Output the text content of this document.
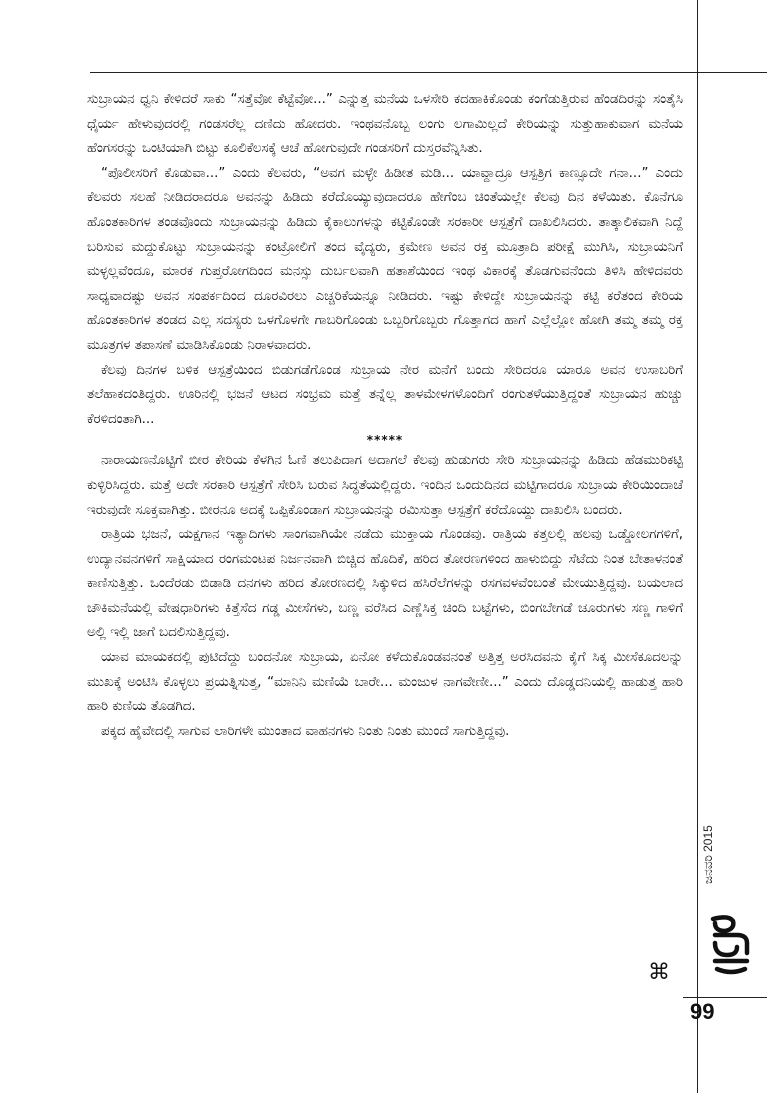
ಸುಬ್ರಾಯನ ಧ್ವನಿ ಕೇಳಿದರೆ ಸಾಕು “ಸತ್ತೆವೋ ಕೆಟ್ಟೆವೋ...” ಎನ್ನುತ್ತ ಮನೆಯ ಒಳಸೇರಿ ಕದಹಾಕಿಕೊಂಡು ಕಂಗೆಡುತ್ತಿರುವ ಹೆಂಡದಿರನ್ನು ಸಂತೈಸಿ ಧೈರ್ಯ ಹೇಳುವುದರಲ್ಲಿ ಗಂಡಸರೆಲ್ಲ ದಣಿದು ಹೋದರು. ಇಂಥವನೊಬ್ಬ ಲಂಗು ಲಗಾಮಿಲ್ಲದೆ ಕೇರಿಯನ್ನು ಸುತ್ತುಹಾಕುವಾಗ ಮನೆಯ ಹೆಂಗಸರನ್ನು ಒಂಟಿಯಾಗಿ ಬಿಟ್ಟು ಕೂಲಿಕೆಲಸಕ್ಕೆ ಆಚೆ ಹೋಗುವುದೇ ಗಂಡಸರಿಗೆ ದುಸ್ತರವೆನ್ನಿಸಿತು.

“ಪೊಲೀಸರಿಗೆ ಕೊಡುವಾ...” ಎಂದು ಕೆಲವರು, “ಅವಗ ಮಳ್ಳೇ ಹಿಡೀತ ಮಡಿ... ಯಾವ್ದಾದ್ರೂ ಆಸ್ಪತ್ರಿಗ ಕಾಣ್ಸೂದೇ ಗನಾ...” ಎಂದು ಕೆಲವರು ಸಲಹೆ ನೀಡಿದರಾದರೂ ಅವನನ್ನು ಹಿಡಿದು ಕರೆದೊಯ್ಯುವುದಾದರೂ ಹೇಗೆಂಬ ಚಿಂತೆಯಲ್ಲೇ ಕೆಲವು ದಿನ ಕಳೆಯಿತು. ಕೊನೆಗೂ ಹೊಂತಕಾರಿಗಳ ತಂಡವೊಂದು ಸುಬ್ರಾಯನನ್ನು ಹಿಡಿದು ಕೈಕಾಲುಗಳನ್ನು ಕಟ್ಟಿಕೊಂಡೇ ಸರಕಾರೀ ಆಸ್ಪತ್ರೆಗೆ ದಾಖಲಿಸಿದರು. ತಾತ್ಕಾಲಿಕವಾಗಿ ನಿದ್ದೆ ಬರಿಸುವ ಮದ್ದುಕೊಟ್ಟು ಸುಬ್ರಾಯನನ್ನು ಕಂಟ್ರೋಲಿಗೆ ತಂದ ವೈದ್ಯರು, ಕ್ರಮೇಣ ಅವನ ರಕ್ತ ಮೂತ್ರಾದಿ ಪರೀಕ್ಷೆ ಮುಗಿಸಿ, ಸುಬ್ರಾಯನಿಗೆ ಮಳ್ಳಲ್ಲವೆಂದೂ, ಮಾರಕ ಗುಪ್ತರೋಗದಿಂದ ಮನಸ್ಸು ದುರ್ಬಲವಾಗಿ ಹತಾಶೆಯಿಂದ ಇಂಥ ವಿಕಾರಕ್ಕೆ ತೊಡಗುವನೆಂದು ತಿಳಿಸಿ ಹೇಳಿದವರು ಸಾಧ್ಯವಾದಷ್ಟು ಅವನ ಸಂಪರ್ಕದಿಂದ ದೂರವಿರಲು ಎಚ್ಚರಿಕೆಯನ್ನೂ ನೀಡಿದರು. ಇಷ್ಟು ಕೇಳಿದ್ದೇ ಸುಬ್ರಾಯನನ್ನು ಕಟ್ಟಿ ಕರೆತಂದ ಕೇರಿಯ ಹೊಂತಕಾರಿಗಳ ತಂಡದ ಎಲ್ಲ ಸದಸ್ಯರು ಒಳಗೊಳಗೇ ಗಾಬರಿಗೊಂಡು ಒಬ್ಬರಿಗೊಬ್ಬರು ಗೊತ್ತಾಗದ ಹಾಗೆ ಎಲ್ಲೆಲ್ಲೋ ಹೋಗಿ ತಮ್ಮ ತಮ್ಮ ರಕ್ತ ಮೂತ್ರಗಳ ತಪಾಸಣೆ ಮಾಡಿಸಿಕೊಂಡು ನಿರಾಳವಾದರು.

ಕೆಲವು ದಿನಗಳ ಬಳಿಕ ಆಸ್ಪತ್ರೆಯಿಂದ ಬಿಡುಗಡೆಗೊಂಡ ಸುಬ್ರಾಯ ನೇರ ಮನೆಗೆ ಬಂದು ಸೇರಿದರೂ ಯಾರೂ ಅವನ ಉಸಾಬರಿಗೆ ತಲೆಹಾಕದಂತಿದ್ದರು. ಊರಿನಲ್ಲಿ ಭಜನೆ ಆಟದ ಸಂಭ್ರಮ ಮತ್ತೆ ತನ್ನೆಲ್ಲ ತಾಳಮೇಳಗಳೊಂದಿಗೆ ರಂಗುತಳೆಯುತ್ತಿದ್ದಂತೆ ಸುಬ್ರಾಯನ ಹುಚ್ಚು ಕೆರಳಿದಂತಾಗಿ...

*****

ನಾರಾಯಣನೊಟ್ಟಿಗೆ ಬೀರ ಕೇರಿಯ ಕೆಳಗಿನ ಓಣಿ ತಲುಪಿದಾಗ ಅದಾಗಲೆ ಕೆಲವು ಹುಡುಗರು ಸೇರಿ ಸುಬ್ರಾಯನನ್ನು ಹಿಡಿದು ಹೆಡಮುರಿಕಟ್ಟಿ ಕುಳ್ಳಿರಿಸಿದ್ದರು. ಮತ್ತೆ ಅದೇ ಸರಕಾರಿ ಆಸ್ಪತ್ರೆಗೆ ಸೇರಿಸಿ ಬರುವ ಸಿದ್ಧತೆಯಲ್ಲಿದ್ದರು. ಇಂದಿನ ಒಂದುದಿನದ ಮಟ್ಟಿಗಾದರೂ ಸುಬ್ರಾಯ ಕೇರಿಯಿಂದಾಚೆ ಇರುವುದೇ ಸೂಕ್ತವಾಗಿತ್ತು. ಬೀರನೂ ಅದಕ್ಕೆ ಒಪ್ಪಿಕೊಂಡಾಗ ಸುಬ್ರಾಯನನ್ನು ರಮಿಸುತ್ತಾ ಆಸ್ಪತ್ರೆಗೆ ಕರೆದೊಯ್ದು ದಾಖಲಿಸಿ ಬಂದರು.

ರಾತ್ರಿಯ ಭಜನೆ, ಯಕ್ಷಗಾನ ಇತ್ಯಾದಿಗಳು ಸಾಂಗವಾಗಿಯೇ ನಡೆದು ಮುಕ್ತಾಯ ಗೊಂಡವು. ರಾತ್ರಿಯ ಕತ್ತಲಲ್ಲಿ ಹಲವು ಒಡ್ಡೋಲಗಗಳಿಗೆ, ಉದ್ಯಾನವನಗಳಿಗೆ ಸಾಕ್ಷಿಯಾದ ರಂಗಮಂಟಪ ನಿರ್ಜನವಾಗಿ ಬಿಚ್ಚಿದ ಹೊದಿಕೆ, ಹರಿದ ತೋರಣಗಳಿಂದ ಹಾಳುಬಿದ್ದು ಸೆಟೆದು ನಿಂತ ಬೇತಾಳನಂತೆ ಕಾಣಿಸುತ್ತಿತ್ತು. ಒಂದೆರಡು ಬಿಡಾಡಿ ದನಗಳು ಹರಿದ ತೋರಣದಲ್ಲಿ ಸಿಕ್ಕುಳಿದ ಹಸಿರೆಲೆಗಳನ್ನು ರಸಗವಳವೆಂಬಂತೆ ಮೇಯುತ್ತಿದ್ದವು. ಬಯಲಾದ ಚೌಕಿಮನೆಯಲ್ಲಿ ವೇಷಧಾರಿಗಳು ಕಿತ್ತೆಸೆದ ಗಡ್ಡ ಮೀಸೆಗಳು, ಬಣ್ಣ ವರೆಸಿದ ಎಣ್ಣೆಸಿಕ್ತ ಚಿಂದಿ ಬಟ್ಟೆಗಳು, ಬಿಂಗಬೇಗಡೆ ಚೂರುಗಳು ಸಣ್ಣ ಗಾಳಿಗೆ ಅಲ್ಲಿ ಇಲ್ಲಿ ಜಾಗೆ ಬದಲಿಸುತ್ತಿದ್ದವು.

ಯಾವ ಮಾಯಕದಲ್ಲಿ ಪುಟಿದೆದ್ದು ಬಂದನೋ ಸುಬ್ರಾಯ, ಏನೋ ಕಳೆದುಕೊಂಡವನಂತೆ ಅತ್ತಿತ್ತ ಅರಸಿದವನು ಕೈಗೆ ಸಿಕ್ಕ ಮೀಸೆಕೂದಲನ್ನು ಮುಖಕ್ಕೆ ಅಂಟಿಸಿ ಕೊಳ್ಳಲು ಪ್ರಯತ್ನಿಸುತ್ತ, “ಮಾನಿನಿ ಮಣಿಯೆ ಬಾರೇ... ಮಂಜುಳ ನಾಗವೇಣೀ...” ಎಂದು ದೊಡ್ಡದನಿಯಲ್ಲಿ ಹಾಡುತ್ತ ಹಾರಿ ಹಾರಿ ಕುಣಿಯ ತೊಡಗಿದ.

ಪಕ್ಕದ ಹೈವೇದಲ್ಲಿ ಸಾಗುವ ಲಾರಿಗಳೇ ಮುಂತಾದ ವಾಹನಗಳು ನಿಂತು ನಿಂತು ಮುಂದೆ ಸಾಗುತ್ತಿದ್ದವು.

⌘
ಜನವರಿ 2015
99
